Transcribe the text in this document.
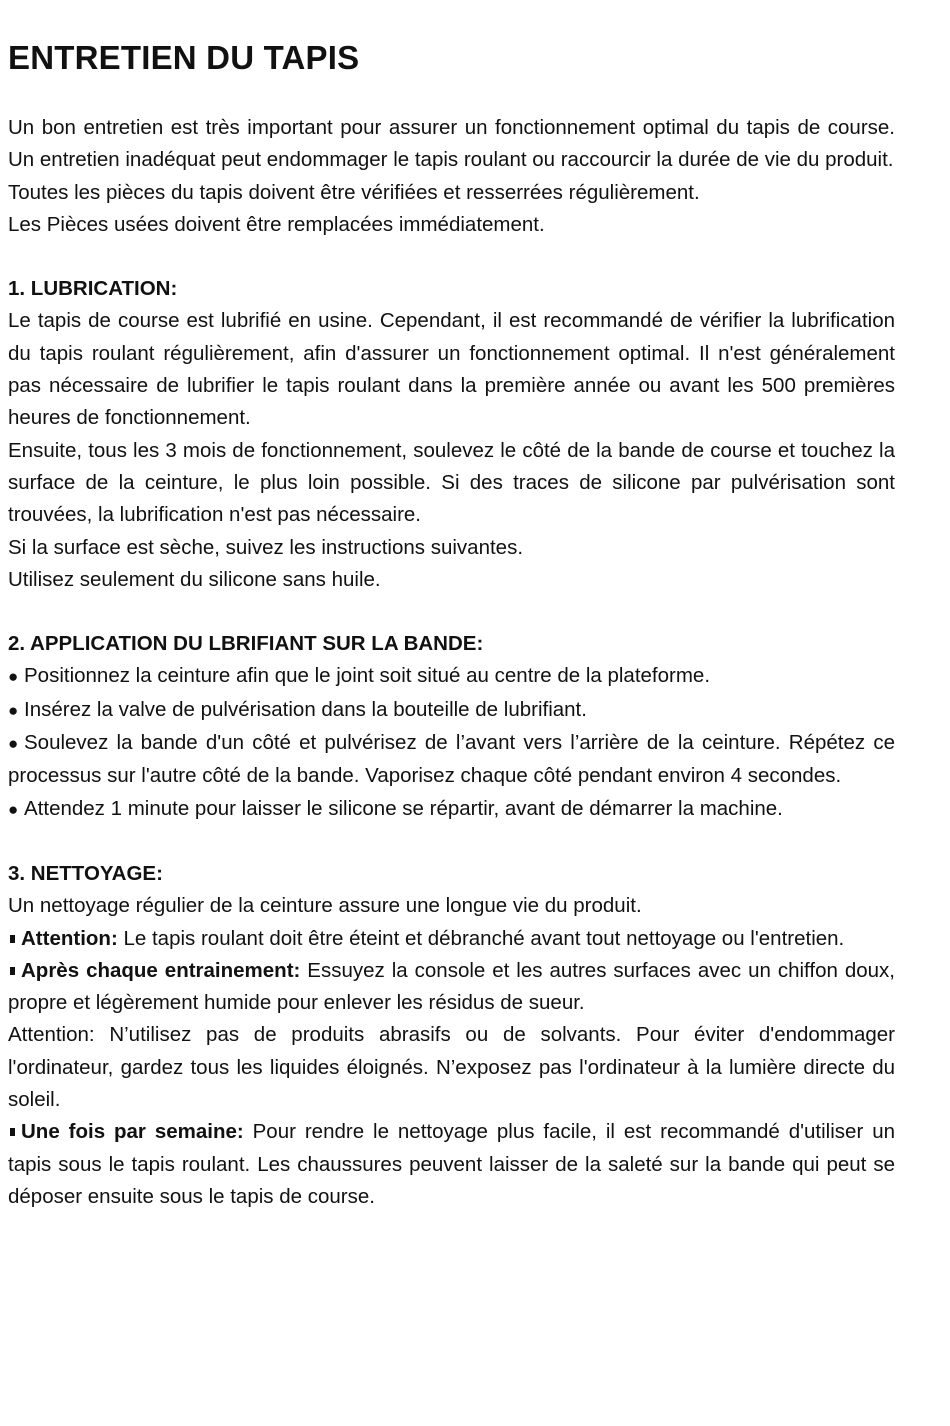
ENTRETIEN DU TAPIS

Un bon entretien est très important pour assurer un fonctionnement optimal du tapis de course. Un entretien inadéquat peut endommager le tapis roulant ou raccourcir la durée de vie du produit.

Toutes les pièces du tapis doivent être vérifiées et resserrées régulièrement.

Les Pièces usées doivent être remplacées immédiatement.

1. LUBRICATION:

Le tapis de course est lubrifié en usine. Cependant, il est recommandé de vérifier la lubrification du tapis roulant régulièrement, afin d'assurer un fonctionnement optimal. Il n'est généralement pas nécessaire de lubrifier le tapis roulant dans la première année ou avant les 500 premières heures de fonctionnement.

Ensuite, tous les 3 mois de fonctionnement, soulevez le côté de la bande de course et touchez la surface de la ceinture, le plus loin possible. Si des traces de silicone par pulvérisation sont trouvées, la lubrification n'est pas nécessaire.

Si la surface est sèche, suivez les instructions suivantes.

Utilisez seulement du silicone sans huile.

2. APPLICATION DU LBRIFIANT SUR LA BANDE:

● Positionnez la ceinture afin que le joint soit situé au centre de la plateforme.

● Insérez la valve de pulvérisation dans la bouteille de lubrifiant.

● Soulevez la bande d'un côté et pulvérisez de l’avant vers l’arrière de la ceinture. Répétez ce processus sur l'autre côté de la bande. Vaporisez chaque côté pendant environ 4 secondes.

● Attendez 1 minute pour laisser le silicone se répartir, avant de démarrer la machine.

3. NETTOYAGE:

Un nettoyage régulier de la ceinture assure une longue vie du produit.

Attention: Le tapis roulant doit être éteint et débranché avant tout nettoyage ou l'entretien.

Après chaque entrainement: Essuyez la console et les autres surfaces avec un chiffon doux, propre et légèrement humide pour enlever les résidus de sueur.

Attention: N’utilisez pas de produits abrasifs ou de solvants. Pour éviter d'endommager l'ordinateur, gardez tous les liquides éloignés. N’exposez pas l'ordinateur à la lumière directe du soleil.

Une fois par semaine: Pour rendre le nettoyage plus facile, il est recommandé d'utiliser un tapis sous le tapis roulant. Les chaussures peuvent laisser de la saleté sur la bande qui peut se déposer ensuite sous le tapis de course.
